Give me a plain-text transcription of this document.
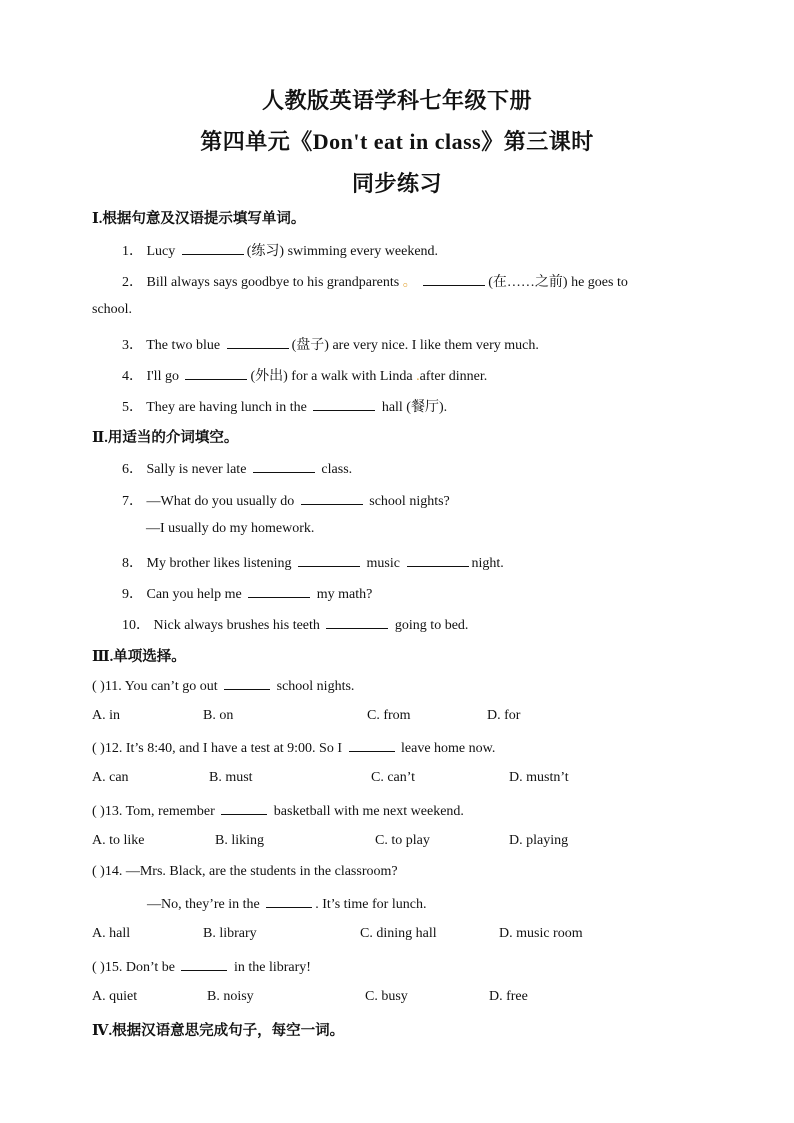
人教版英语学科七年级下册
第四单元《Don't eat in class》第三课时
同步练习
Ⅰ.根据句意及汉语提示填写单词。
1． Lucy	(练习) swimming every weekend.
2． Bill always says goodbye to his grandparents 。	(在……之前) he goes to
school.
3． The two blue	(盘子) are very nice. I like them very much.
4． I'll go	(外出) for a walk with Linda .after dinner.
5． They are having lunch in the	hall (餐厅).
Ⅱ.用适当的介词填空。
6． Sally is never late	class.
7． —What do you usually do	school nights?
—I usually do my homework.
8． My brother likes listening	music	night.
9． Can you help me	my math?
10． Nick always brushes his teeth	going to bed.
Ⅲ.单项选择。
( )11. You can’t go out	school nights.
A. in	B. on	C. from	D. for
( )12. It’s 8:40, and I have a test at 9:00. So I	leave home now.
A. can	B. must	C. can’t	D. mustn’t
( )13. Tom, remember	basketball with me next weekend.
A. to like	B. liking	C. to play	D. playing
( )14. —Mrs. Black, are the students in the classroom?
—No, they’re in the	. It’s time for lunch.
A. hall	B. library	C. dining hall	D. music room
( )15. Don’t be	in the library!
A. quiet	B. noisy	C. busy	D. free
Ⅳ.根据汉语意思完成句子，每空一词。
